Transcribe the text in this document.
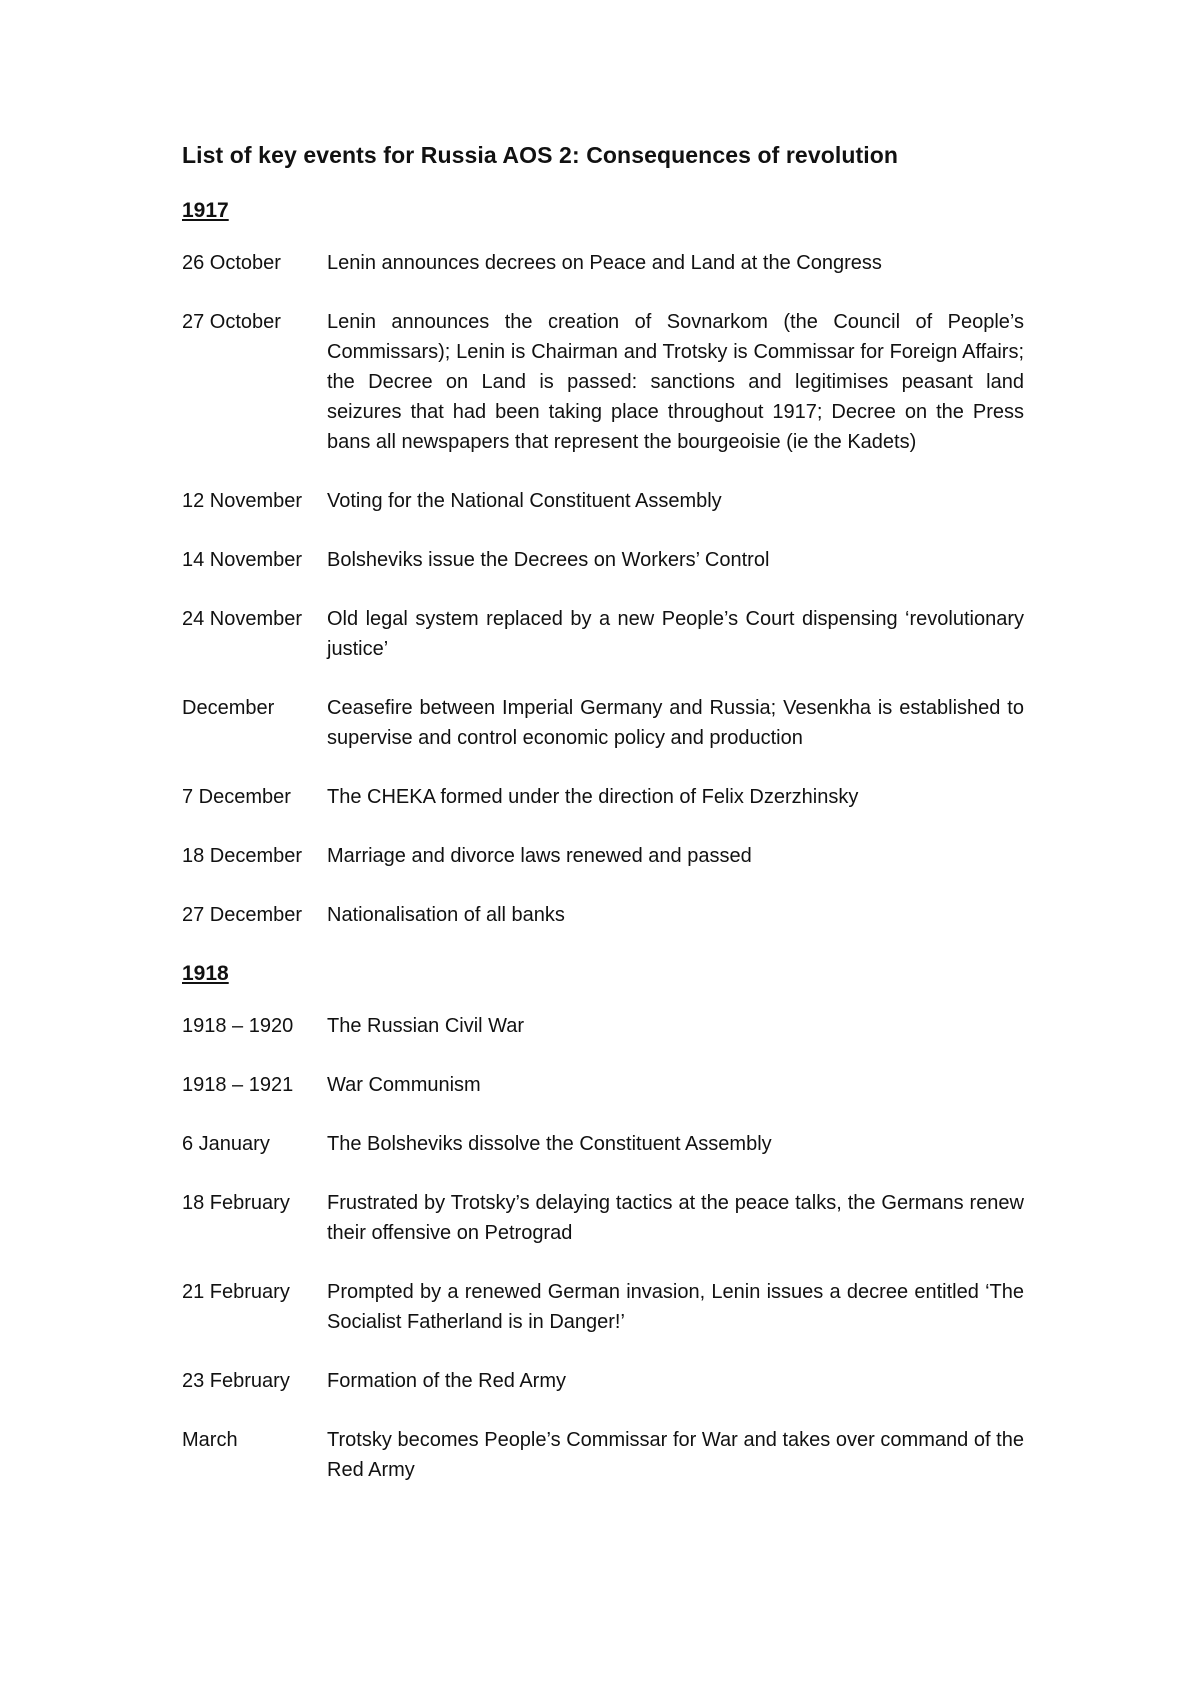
List of key events for Russia AOS 2: Consequences of revolution
1917
26 October	Lenin announces decrees on Peace and Land at the Congress
27 October	Lenin announces the creation of Sovnarkom (the Council of People’s Commissars); Lenin is Chairman and Trotsky is Commissar for Foreign Affairs; the Decree on Land is passed: sanctions and legitimises peasant land seizures that had been taking place throughout 1917; Decree on the Press bans all newspapers that represent the bourgeoisie (ie the Kadets)
12 November	Voting for the National Constituent Assembly
14 November	Bolsheviks issue the Decrees on Workers’ Control
24 November	Old legal system replaced by a new People’s Court dispensing ‘revolutionary justice’
December	Ceasefire between Imperial Germany and Russia; Vesenkha is established to supervise and control economic policy and production
7 December	The CHEKA formed under the direction of Felix Dzerzhinsky
18 December	Marriage and divorce laws renewed and passed
27 December	Nationalisation of all banks
1918
1918 – 1920	The Russian Civil War
1918 – 1921	War Communism
6 January	The Bolsheviks dissolve the Constituent Assembly
18 February	Frustrated by Trotsky’s delaying tactics at the peace talks, the Germans renew their offensive on Petrograd
21 February	Prompted by a renewed German invasion, Lenin issues a decree entitled ‘The Socialist Fatherland is in Danger!’
23 February	Formation of the Red Army
March	Trotsky becomes People’s Commissar for War and takes over command of the Red Army
